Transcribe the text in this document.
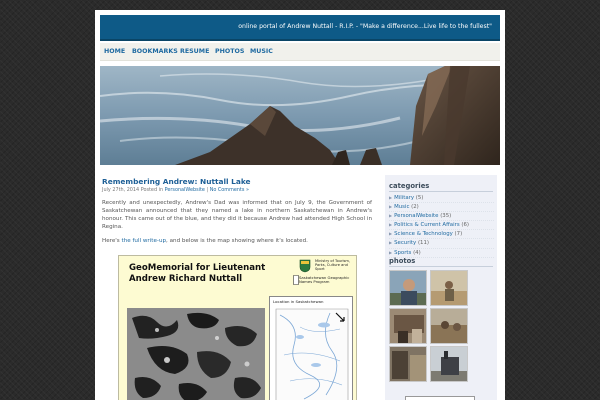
online portal of Andrew Nuttall - R.I.P. - "Make a difference...Live life to the fullest"
HOME BOOKMARKS RESUME PHOTOS MUSIC
Remembering Andrew: Nuttall Lake
July 27th, 2014 Posted in PersonalWebsite | No Comments »

Recently and unexpectedly, Andrew's Dad was informed that on July 9, the Government of Saskatchewan announced that they named a lake in northern Saskatchewan in Andrew's honour. This came out of the blue, and they did it because Andrew had attended High School in Regina.

Here's the full write-up, and below is the map showing where it's located.

GeoMemorial for Lieutenant Andrew Richard Nuttall
Ministry of Tourism, Parks, Culture and Sport
Saskatchewan Geographic Names Program
Location in Saskatchewan
categories
▶ Military (5)
▶ Music (2)
▶ PersonalWebsite (35)
▶ Politics & Current Affairs (6)
▶ Science & Technology (7)
▶ Security (11)
▶ Sports (4)
photos
